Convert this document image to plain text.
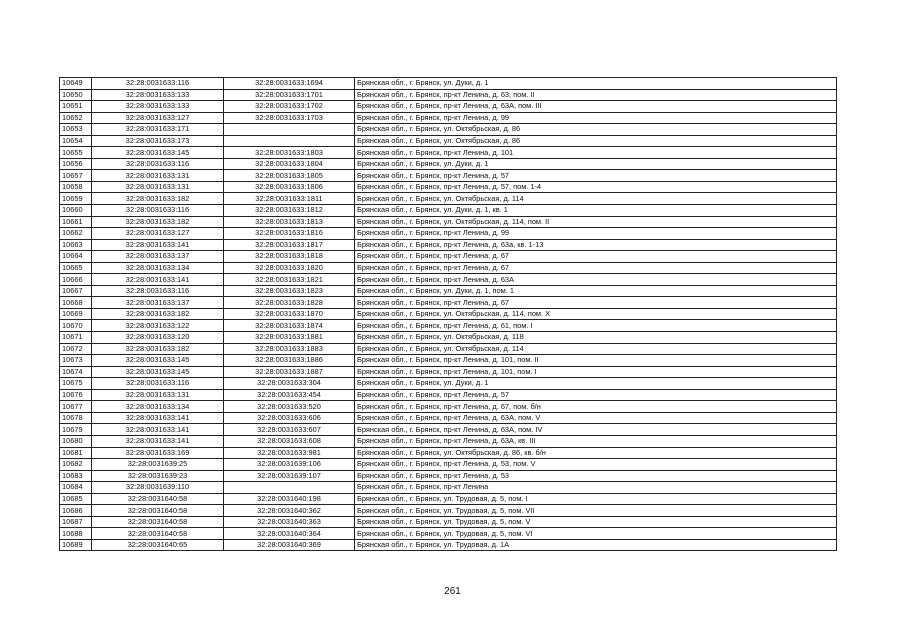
10649	32:28:0031633:116	32:28:0031633:1694	Брянская обл., г. Брянск, ул. Дуки, д. 1
10650	32:28:0031633:133	32:28:0031633:1701	Брянская обл., г. Брянск, пр-кт Ленина, д. 63, пом. II
10651	32:28:0031633:133	32:28:0031633:1702	Брянская обл., г. Брянск, пр-кт Ленина, д. 63А, пом. III
10652	32:28:0031633:127	32:28:0031633:1703	Брянская обл., г. Брянск, пр-кт Ленина, д. 99
10653	32:28:0031633:171		Брянская обл., г. Брянск, ул. Октябрьская, д. 86
10654	32:28:0031633:173		Брянская обл., г. Брянск, ул. Октябрьская, д. 86
10655	32:28:0031633:145	32:28:0031633:1803	Брянская обл., г. Брянск, пр-кт Ленина, д. 101
10656	32:28:0031633:116	32:28:0031633:1804	Брянская обл., г. Брянск, ул. Дуки, д. 1
10657	32:28:0031633:131	32:28:0031633:1805	Брянская обл., г. Брянск, пр-кт Ленина, д. 57
10658	32:28:0031633:131	32:28:0031633:1806	Брянская обл., г. Брянск, пр-кт Ленина, д. 57, пом. 1-4
10659	32:28:0031633:182	32:28:0031633:1811	Брянская обл., г. Брянск, ул. Октябрьская, д. 114
10660	32:28:0031633:116	32:28:0031633:1812	Брянская обл., г. Брянск, ул. Дуки, д. 1, кв. 1
10661	32:28:0031633:182	32:28:0031633:1813	Брянская обл., г. Брянск, ул. Октябрьская, д. 114, пом. II
10662	32:28:0031633:127	32:28:0031633:1816	Брянская обл., г. Брянск, пр-кт Ленина, д. 99
10663	32:28:0031633:141	32:28:0031633:1817	Брянская обл., г. Брянск, пр-кт Ленина, д. 63а, кв. 1-13
10664	32:28:0031633:137	32:28:0031633:1818	Брянская обл., г. Брянск, пр-кт Ленина, д. 67
10665	32:28:0031633:134	32:28:0031633:1820	Брянская обл., г. Брянск, пр-кт Ленина, д. 67
10666	32:28:0031633:141	32:28:0031633:1821	Брянская обл., г. Брянск, пр-кт Ленина, д. 63А
10667	32:28:0031633:116	32:28:0031633:1823	Брянская обл., г. Брянск, ул. Дуки, д. 1, пом. 1
10668	32:28:0031633:137	32:28:0031633:1828	Брянская обл., г. Брянск, пр-кт Ленина, д. 67
10669	32:28:0031633:182	32:28:0031633:1870	Брянская обл., г. Брянск, ул. Октябрьская, д. 114, пом. X
10670	32:28:0031633:122	32:28:0031633:1874	Брянская обл., г. Брянск, пр-кт Ленина, д. 61, пом. I
10671	32:28:0031633:120	32:28:0031633:1881	Брянская обл., г. Брянск, ул. Октябрьская, д. 118
10672	32:28:0031633:182	32:28:0031633:1883	Брянская обл., г. Брянск, ул. Октябрьская, д. 114
10673	32:28:0031633:145	32:28:0031633:1886	Брянская обл., г. Брянск, пр-кт Ленина, д. 101, пом. II
10674	32:28:0031633:145	32:28:0031633:1887	Брянская обл., г. Брянск, пр-кт Ленина, д. 101, пом. I
10675	32:28:0031633:116	32:28:0031633:304	Брянская обл., г. Брянск, ул. Дуки, д. 1
10676	32:28:0031633:131	32:28:0031633:454	Брянская обл., г. Брянск, пр-кт Ленина, д. 57
10677	32:28:0031633:134	32:28:0031633:520	Брянская обл., г. Брянск, пр-кт Ленина, д. 67, пом. б/н
10678	32:28:0031633:141	32:28:0031633:606	Брянская обл., г. Брянск, пр-кт Ленина, д. 63А, пом. V
10679	32:28:0031633:141	32:28:0031633:607	Брянская обл., г. Брянск, пр-кт Ленина, д. 63А, пом. IV
10680	32:28:0031633:141	32:28:0031633:608	Брянская обл., г. Брянск, пр-кт Ленина, д. 63А, кв. III
10681	32:28:0031633:169	32:28:0031633:981	Брянская обл., г. Брянск, ул. Октябрьская, д. 86, кв. б/н
10682	32:28:0031639:25	32:28:0031639:106	Брянская обл., г. Брянск, пр-кт Ленина, д. 53, пом. V
10683	32:28:0031639:23	32:28:0031639:107	Брянская обл., г. Брянск, пр-кт Ленина, д. 53
10684	32:28:0031639:110		Брянская обл., г. Брянск, пр-кт Ленина
10685	32:28:0031640:58	32:28:0031640:198	Брянская обл., г. Брянск, ул. Трудовая, д. 5, пом. I
10686	32:28:0031640:58	32:28:0031640:362	Брянская обл., г. Брянск, ул. Трудовая, д. 5, пом. VII
10687	32:28:0031640:58	32:28:0031640:363	Брянская обл., г. Брянск, ул. Трудовая, д. 5, пом. V
10688	32:28:0031640:58	32:28:0031640:364	Брянская обл., г. Брянск, ул. Трудовая, д. 5, пом. VI
10689	32:28:0031640:65	32:28:0031640:369	Брянская обл., г. Брянск, ул. Трудовая, д. 1А
261
